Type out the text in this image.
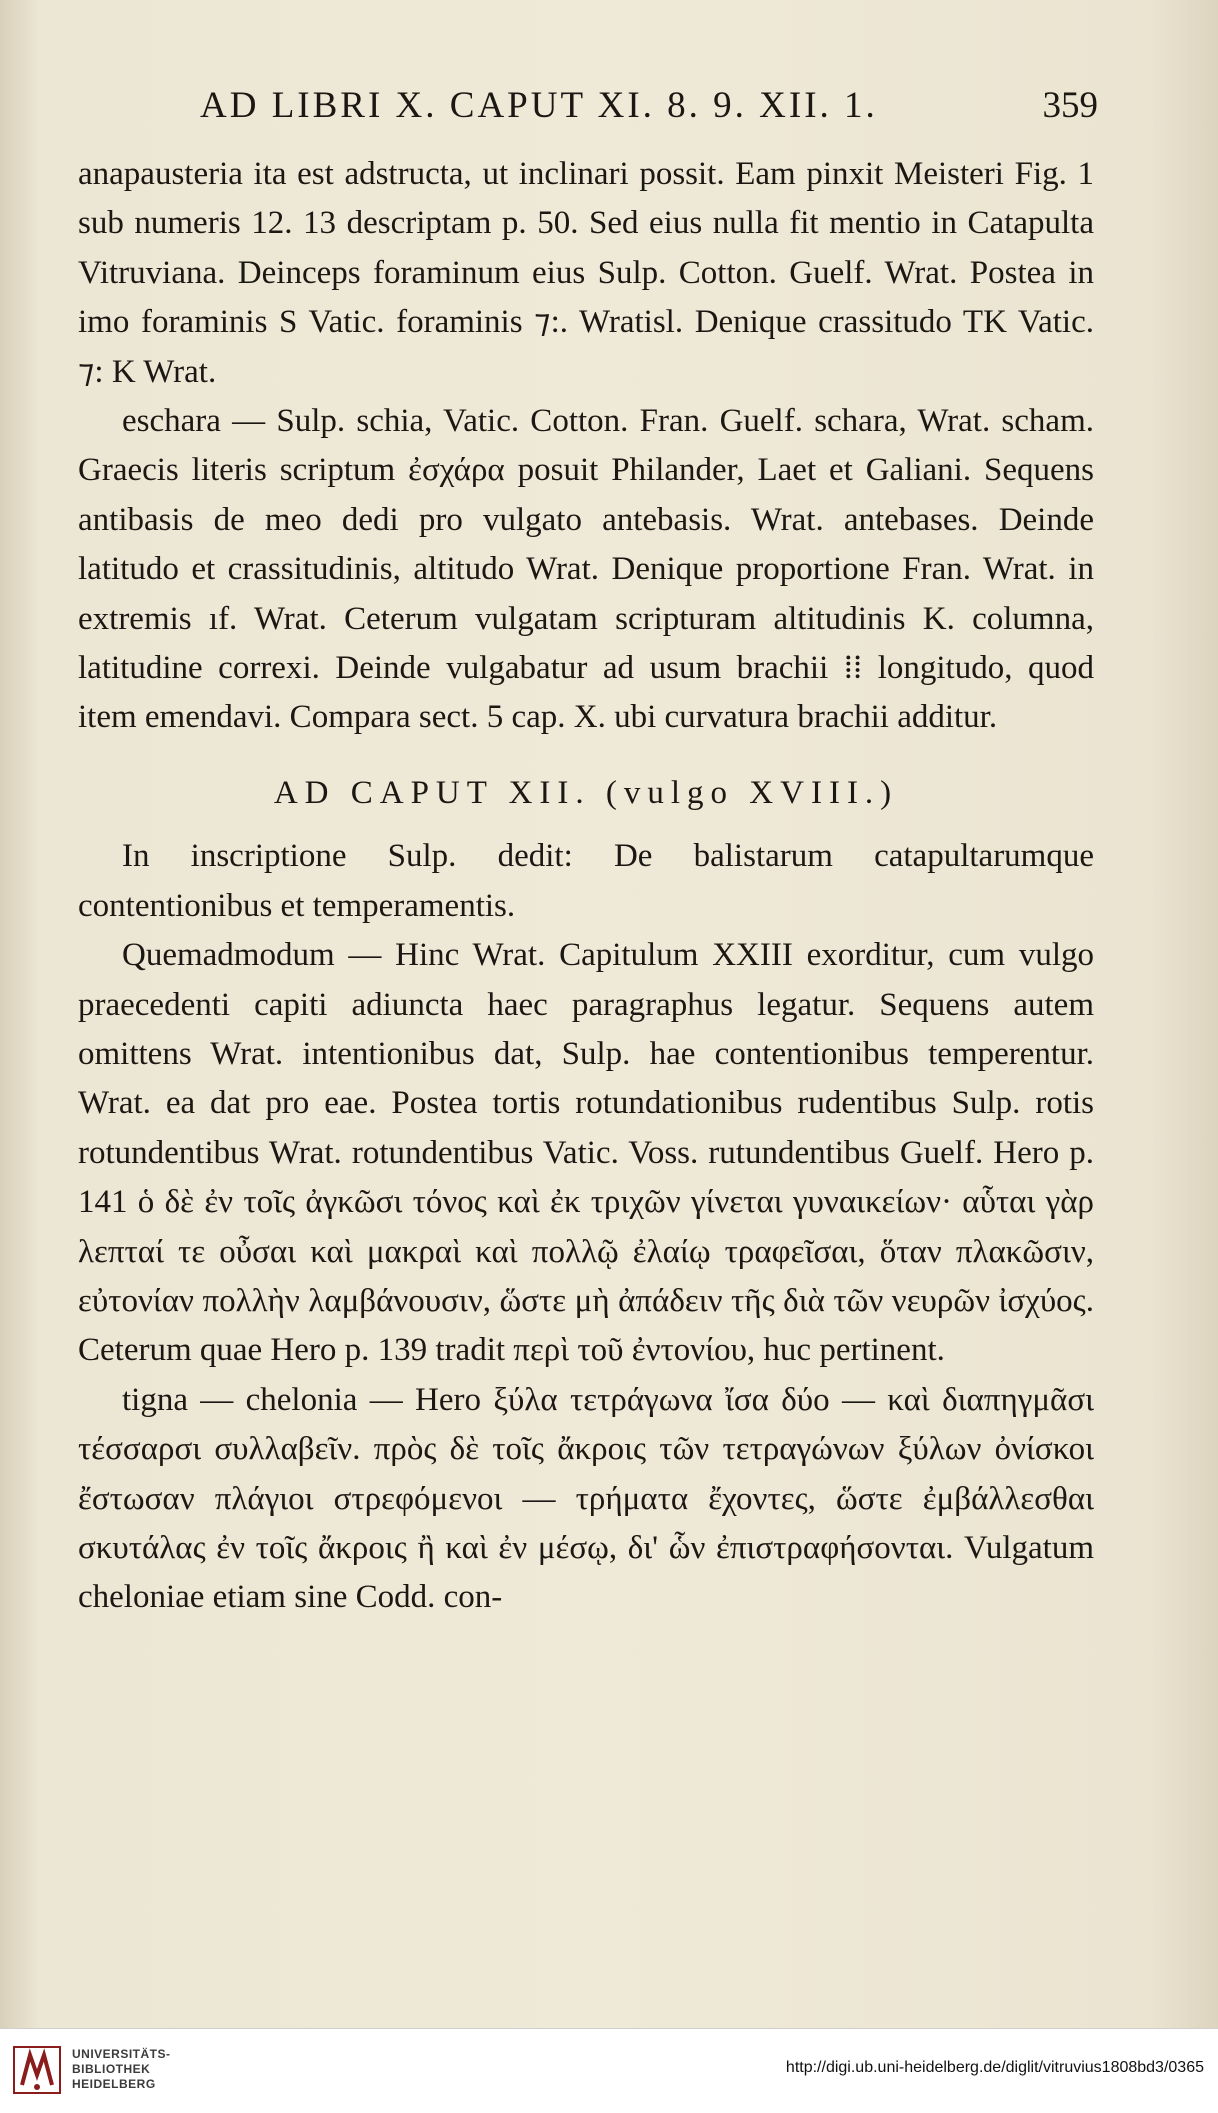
AD LIBRI X. CAPUT XI. 8. 9. XII. 1.	359

anapausteria ita est adstructa, ut inclinari possit. Eam pinxit Meisteri Fig. 1 sub numeris 12. 13 descriptam p. 50. Sed eius nulla fit mentio in Catapulta Vitruviana. Deinceps foraminum eius Sulp. Cotton. Guelf. Wrat. Postea in imo foraminis S Vatic. foraminis ⁊:. Wratisl. Denique crassitudo TK Vatic. ⁊: K Wrat.

eschara — Sulp. schia, Vatic. Cotton. Fran. Guelf. schara, Wrat. scham. Graecis literis scriptum ἐσχάρα posuit Philander, Laet et Galiani. Sequens antibasis de meo dedi pro vulgato antebasis. Wrat. antebases. Deinde latitudo et crassitudinis, altitudo Wrat. Denique proportione Fran. Wrat. in extremis ıf. Wrat. Ceterum vulgatam scripturam altitudinis K. columna, latitudine correxi. Deinde vulgabatur ad usum brachii ⁞⁞ longitudo, quod item emendavi. Compara sect. 5 cap. X. ubi curvatura brachii additur.

AD CAPUT XII. (vulgo XVIII.)

In inscriptione Sulp. dedit: De balistarum catapultarumque contentionibus et temperamentis.

Quemadmodum — Hinc Wrat. Capitulum XXIII exorditur, cum vulgo praecedenti capiti adiuncta haec paragraphus legatur. Sequens autem omittens Wrat. intentionibus dat, Sulp. hae contentionibus temperentur. Wrat. ea dat pro eae. Postea tortis rotundationibus rudentibus Sulp. rotis rotundentibus Wrat. rotundentibus Vatic. Voss. rutundentibus Guelf. Hero p. 141 ὁ δὲ ἐν τοῖς ἀγκῶσι τόνος καὶ ἐκ τριχῶν γίνεται γυναικείων· αὗται γὰρ λεπταί τε οὖσαι καὶ μακραὶ καὶ πολλῷ ἐλαίῳ τραφεῖσαι, ὅταν πλακῶσιν, εὐτονίαν πολλὴν λαμβάνουσιν, ὥστε μὴ ἀπάδειν τῆς διὰ τῶν νευρῶν ἰσχύος. Ceterum quae Hero p. 139 tradit περὶ τοῦ ἐντονίου, huc pertinent.

tigna — chelonia — Hero ξύλα τετράγωνα ἴσα δύο — καὶ διαπηγμᾶσι τέσσαρσι συλλαβεῖν. πρὸς δὲ τοῖς ἄκροις τῶν τετραγώνων ξύλων ὀνίσκοι ἔστωσαν πλάγιοι στρεφόμενοι — τρήματα ἔχοντες, ὥστε ἐμβάλλεσθαι σκυτάλας ἐν τοῖς ἄκροις ἢ καὶ ἐν μέσῳ, δι' ὧν ἐπιστραφήσονται. Vulgatum cheloniae etiam sine Codd. con-

UNIVERSITÄTS-
BIBLIOTHEK
HEIDELBERG
http://digi.ub.uni-heidelberg.de/diglit/vitruvius1808bd3/0365
